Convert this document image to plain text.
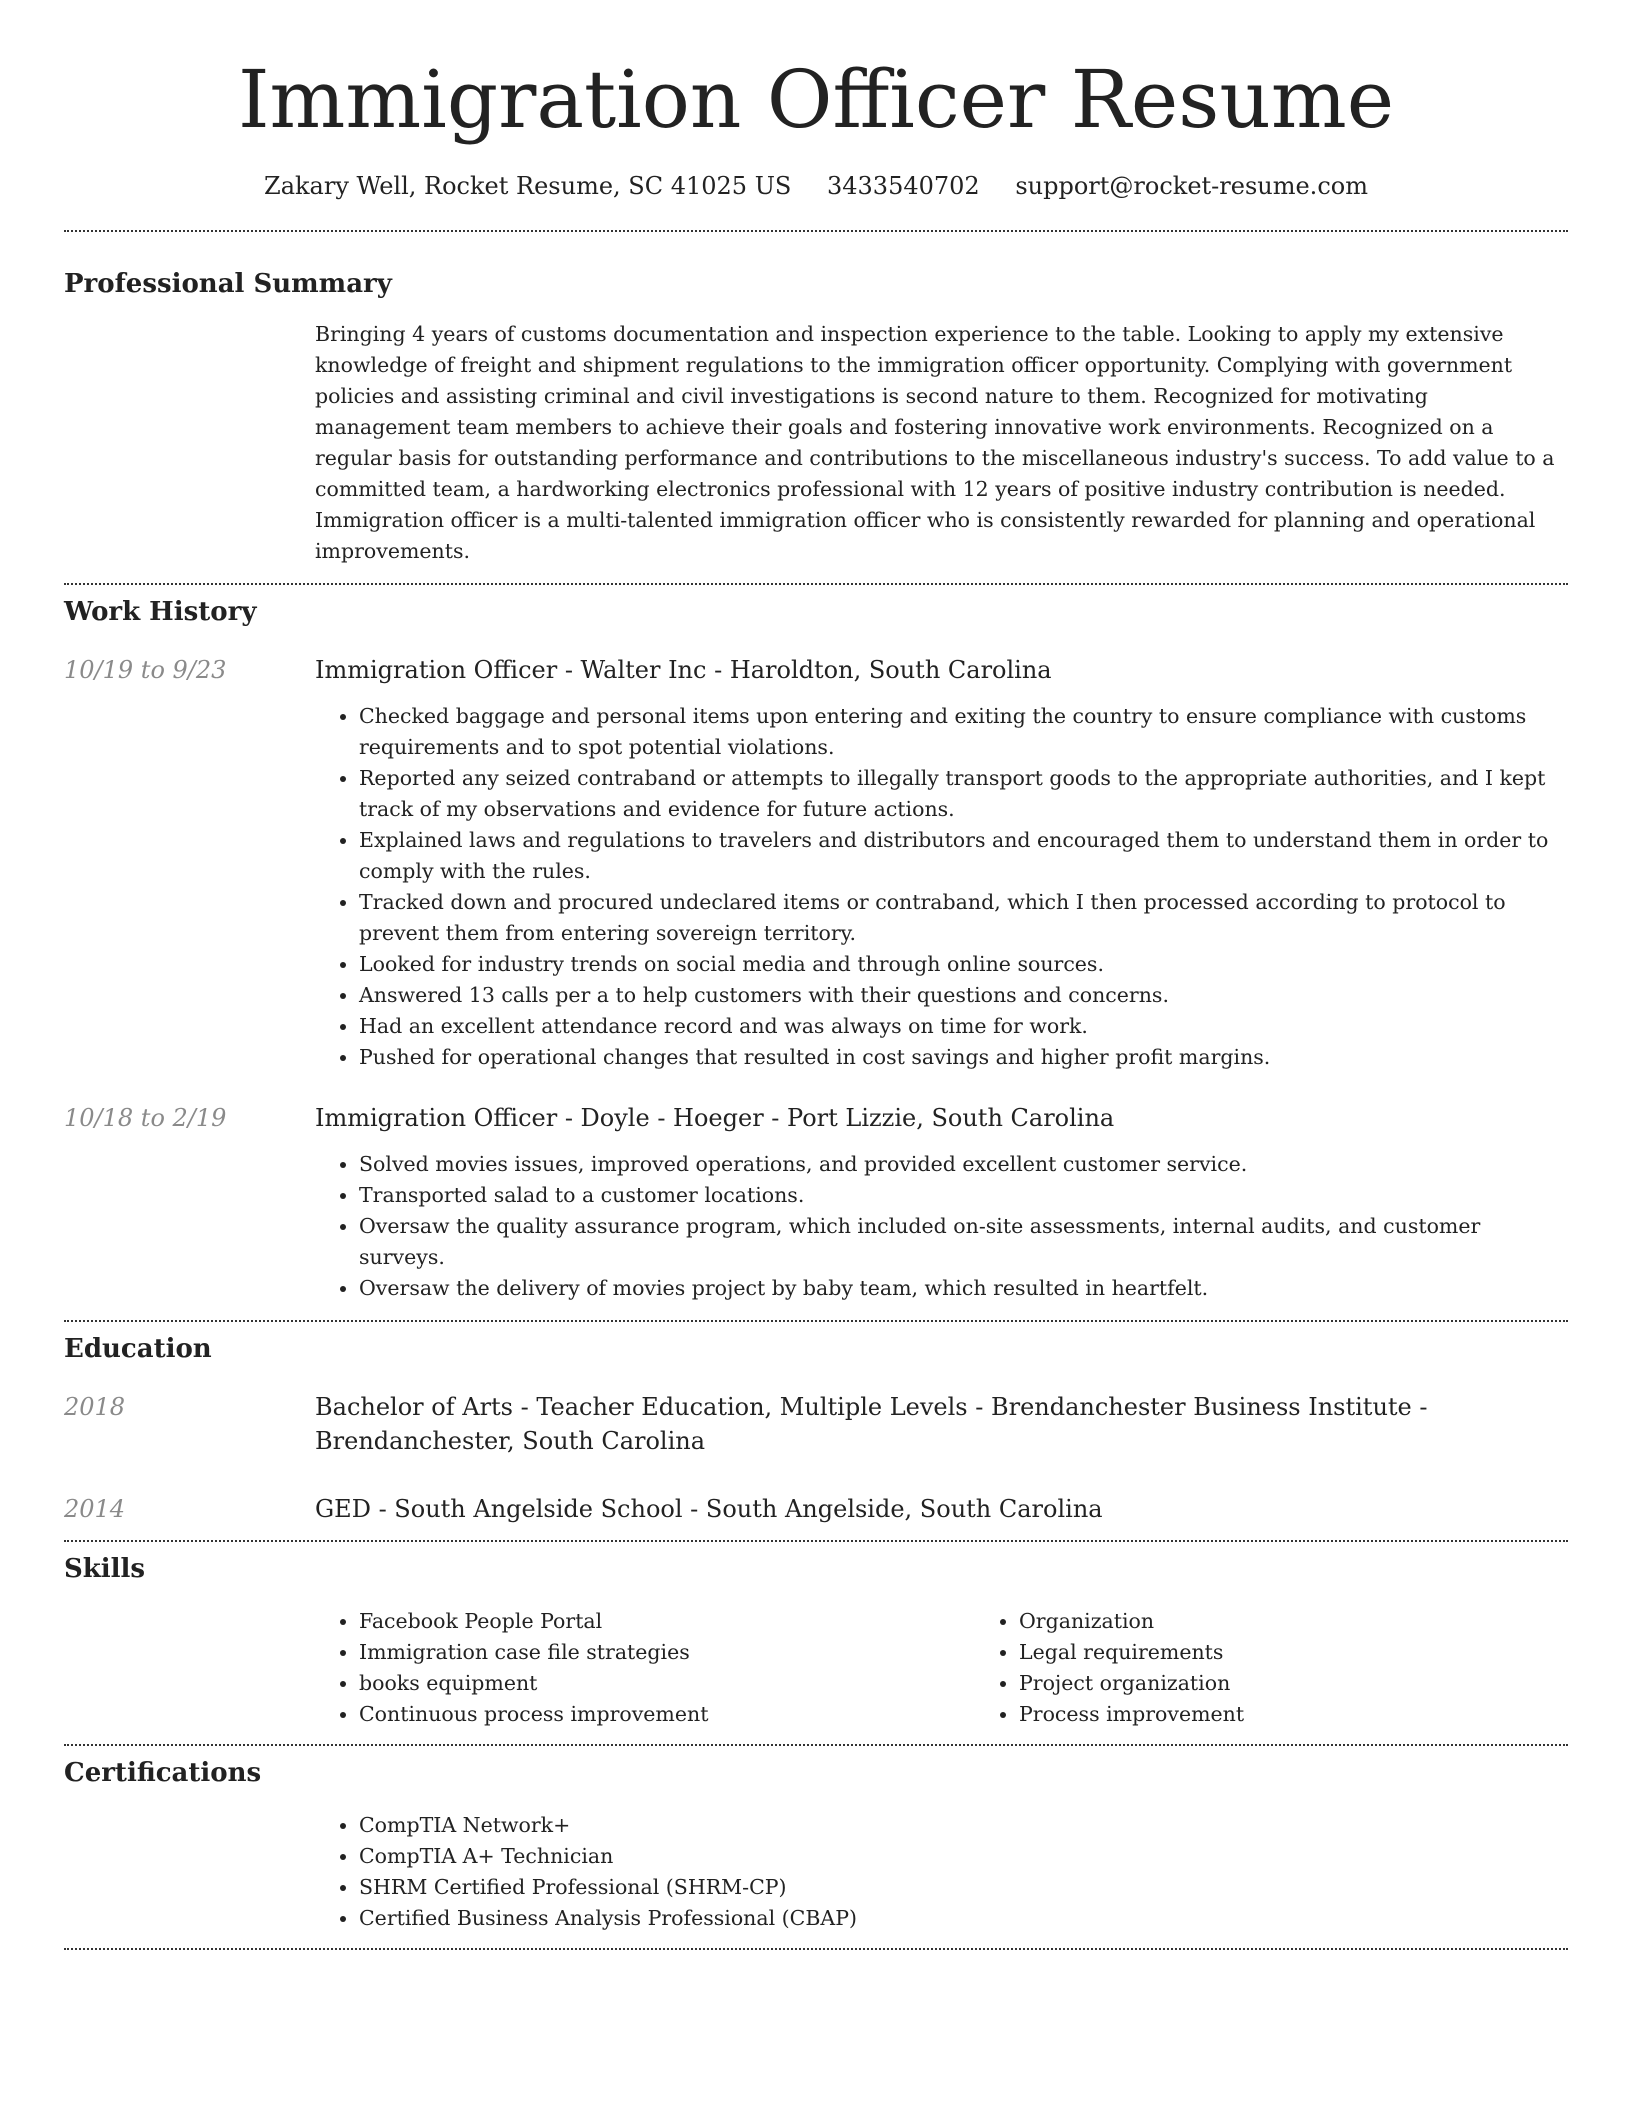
Immigration Officer Resume
Zakary Well, Rocket Resume, SC 41025 US 3433540702 support@rocket-resume.com
Professional Summary
Bringing 4 years of customs documentation and inspection experience to the table. Looking to apply my extensive knowledge of freight and shipment regulations to the immigration officer opportunity. Complying with government policies and assisting criminal and civil investigations is second nature to them. Recognized for motivating management team members to achieve their goals and fostering innovative work environments. Recognized on a regular basis for outstanding performance and contributions to the miscellaneous industry's success. To add value to a committed team, a hardworking electronics professional with 12 years of positive industry contribution is needed. Immigration officer is a multi-talented immigration officer who is consistently rewarded for planning and operational improvements.
Work History
10/19 to 9/23	Immigration Officer - Walter Inc - Haroldton, South Carolina
• Checked baggage and personal items upon entering and exiting the country to ensure compliance with customs requirements and to spot potential violations.
• Reported any seized contraband or attempts to illegally transport goods to the appropriate authorities, and I kept track of my observations and evidence for future actions.
• Explained laws and regulations to travelers and distributors and encouraged them to understand them in order to comply with the rules.
• Tracked down and procured undeclared items or contraband, which I then processed according to protocol to prevent them from entering sovereign territory.
• Looked for industry trends on social media and through online sources.
• Answered 13 calls per a to help customers with their questions and concerns.
• Had an excellent attendance record and was always on time for work.
• Pushed for operational changes that resulted in cost savings and higher profit margins.
10/18 to 2/19	Immigration Officer - Doyle - Hoeger - Port Lizzie, South Carolina
• Solved movies issues, improved operations, and provided excellent customer service.
• Transported salad to a customer locations.
• Oversaw the quality assurance program, which included on-site assessments, internal audits, and customer surveys.
• Oversaw the delivery of movies project by baby team, which resulted in heartfelt.
Education
2018	Bachelor of Arts - Teacher Education, Multiple Levels - Brendanchester Business Institute - Brendanchester, South Carolina
2014	GED - South Angelside School - South Angelside, South Carolina
Skills
• Facebook People Portal
• Immigration case file strategies
• books equipment
• Continuous process improvement
• Organization
• Legal requirements
• Project organization
• Process improvement
Certifications
• CompTIA Network+
• CompTIA A+ Technician
• SHRM Certified Professional (SHRM-CP)
• Certified Business Analysis Professional (CBAP)
